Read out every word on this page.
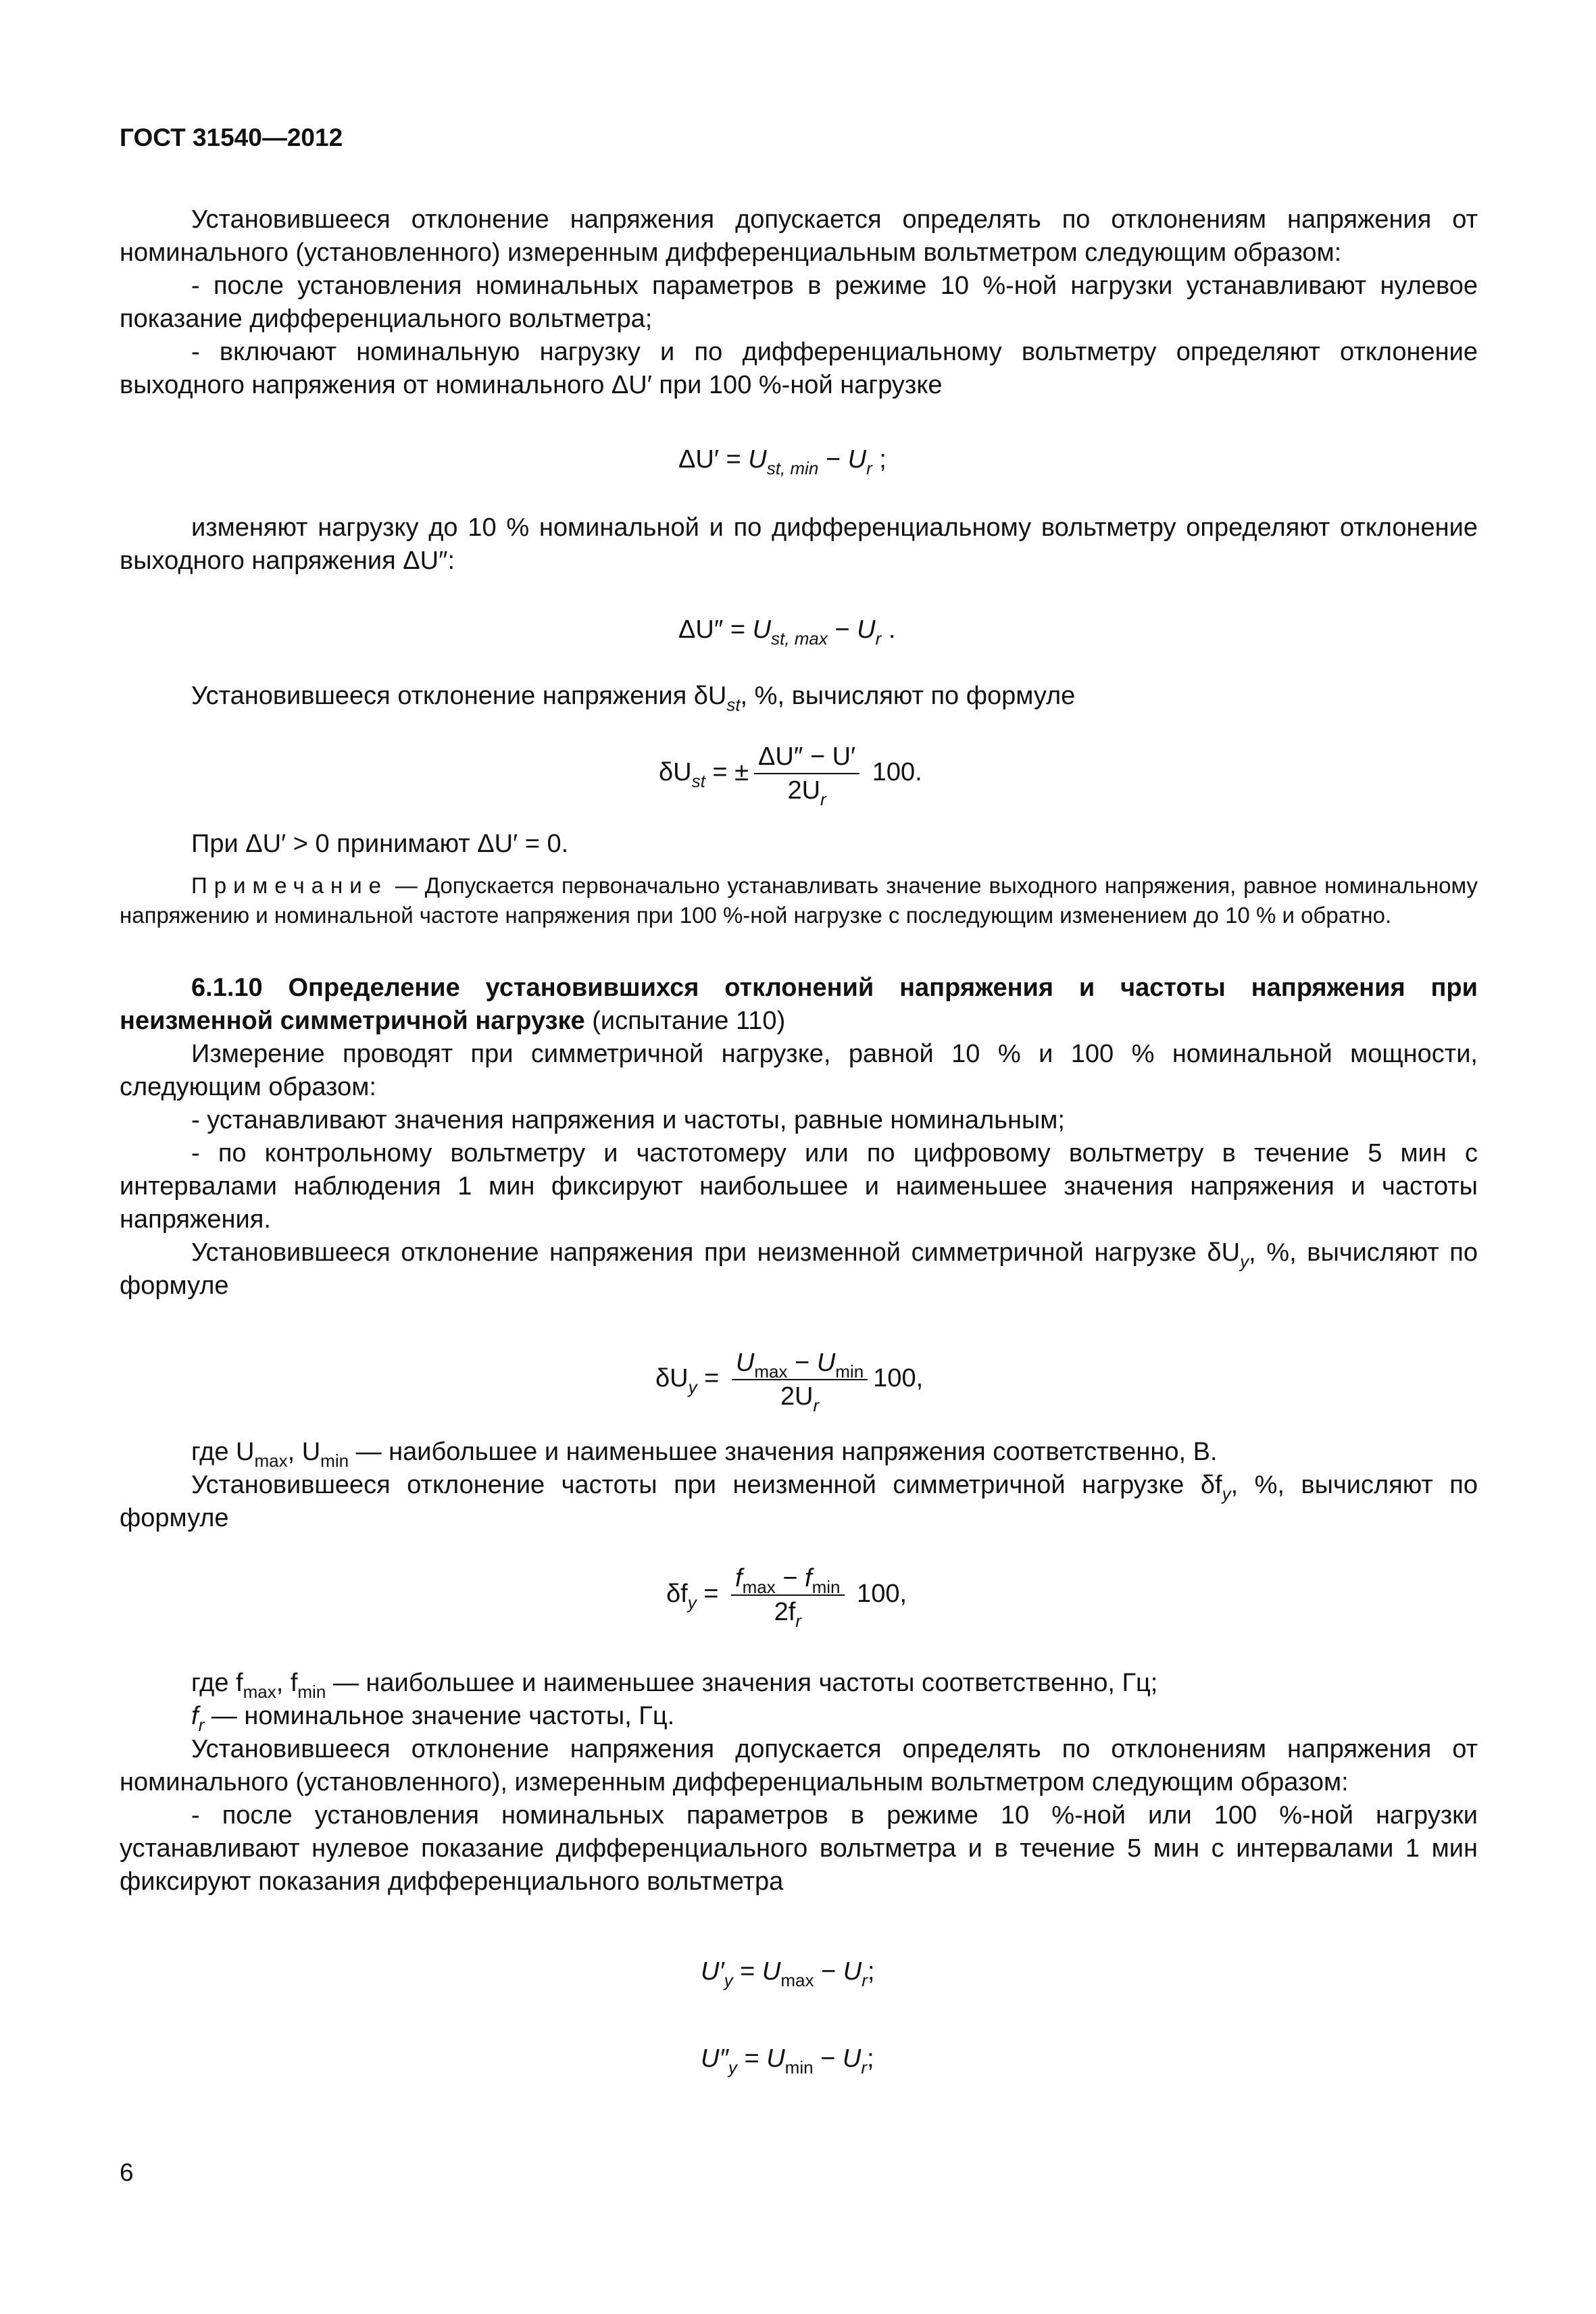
ГОСТ 31540—2012

Установившееся отклонение напряжения допускается определять по отклонениям напряжения от номинального (установленного) измеренным дифференциальным вольтметром следующим образом:

- после установления номинальных параметров в режиме 10 %-ной нагрузки устанавливают нулевое показание дифференциального вольтметра;

- включают номинальную нагрузку и по дифференциальному вольтметру определяют отклонение выходного напряжения от номинального ΔU′ при 100 %-ной нагрузке

$\Delta U' = U_{st, min} - U_r$ ;

изменяют нагрузку до 10 % номинальной и по дифференциальному вольтметру определяют отклонение выходного напряжения ΔU″:

$\Delta U'' = U_{st, max} - U_r$ .

Установившееся отклонение напряжения $\delta U_{st}$, %, вычисляют по формуле

$\delta U_{st}$ = ± $\frac{\Delta U'' - U'}{2U_r} 100$.

При ΔU′ > 0 принимают ΔU′ = 0.

Примечание — Допускается первоначально устанавливать значение выходного напряжения, равное номинальному напряжению и номинальной частоте напряжения при 100 %-ной нагрузке с последующим изменением до 10 % и обратно.

6.1.10 Определение установившихся отклонений напряжения и частоты напряжения при неизменной симметричной нагрузке (испытание 110)

Измерение проводят при симметричной нагрузке, равной 10 % и 100 % номинальной мощности, следующим образом:

- устанавливают значения напряжения и частоты, равные номинальным;

- по контрольному вольтметру и частотомеру или по цифровому вольтметру в течение 5 мин с интервалами наблюдения 1 мин фиксируют наибольшее и наименьшее значения напряжения и частоты напряжения.

Установившееся отклонение напряжения при неизменной симметричной нагрузке $\delta U_y$, %, вычисляют по формуле

$\delta U_y = \frac{U_{max} - U_{min}}{2U_r} 100$,

где $U_{max}$, $U_{min}$ — наибольшее и наименьшее значения напряжения соответственно, В.

Установившееся отклонение частоты при неизменной симметричной нагрузке $\delta f_y$, %, вычисляют по формуле

$\delta f_y = \frac{f_{max} - f_{min}}{2f_r} 100$,

где $f_{max}$, $f_{min}$ — наибольшее и наименьшее значения частоты соответственно, Гц;

$f_r$ — номинальное значение частоты, Гц.

Установившееся отклонение напряжения допускается определять по отклонениям напряжения от номинального (установленного), измеренным дифференциальным вольтметром следующим образом:

- после установления номинальных параметров в режиме 10 %-ной или 100 %-ной нагрузки устанавливают нулевое показание дифференциального вольтметра и в течение 5 мин с интервалами 1 мин фиксируют показания дифференциального вольтметра

$U'_y = U_{max} - U_r$;
$U''_y = U_{min} - U_r$;
6
